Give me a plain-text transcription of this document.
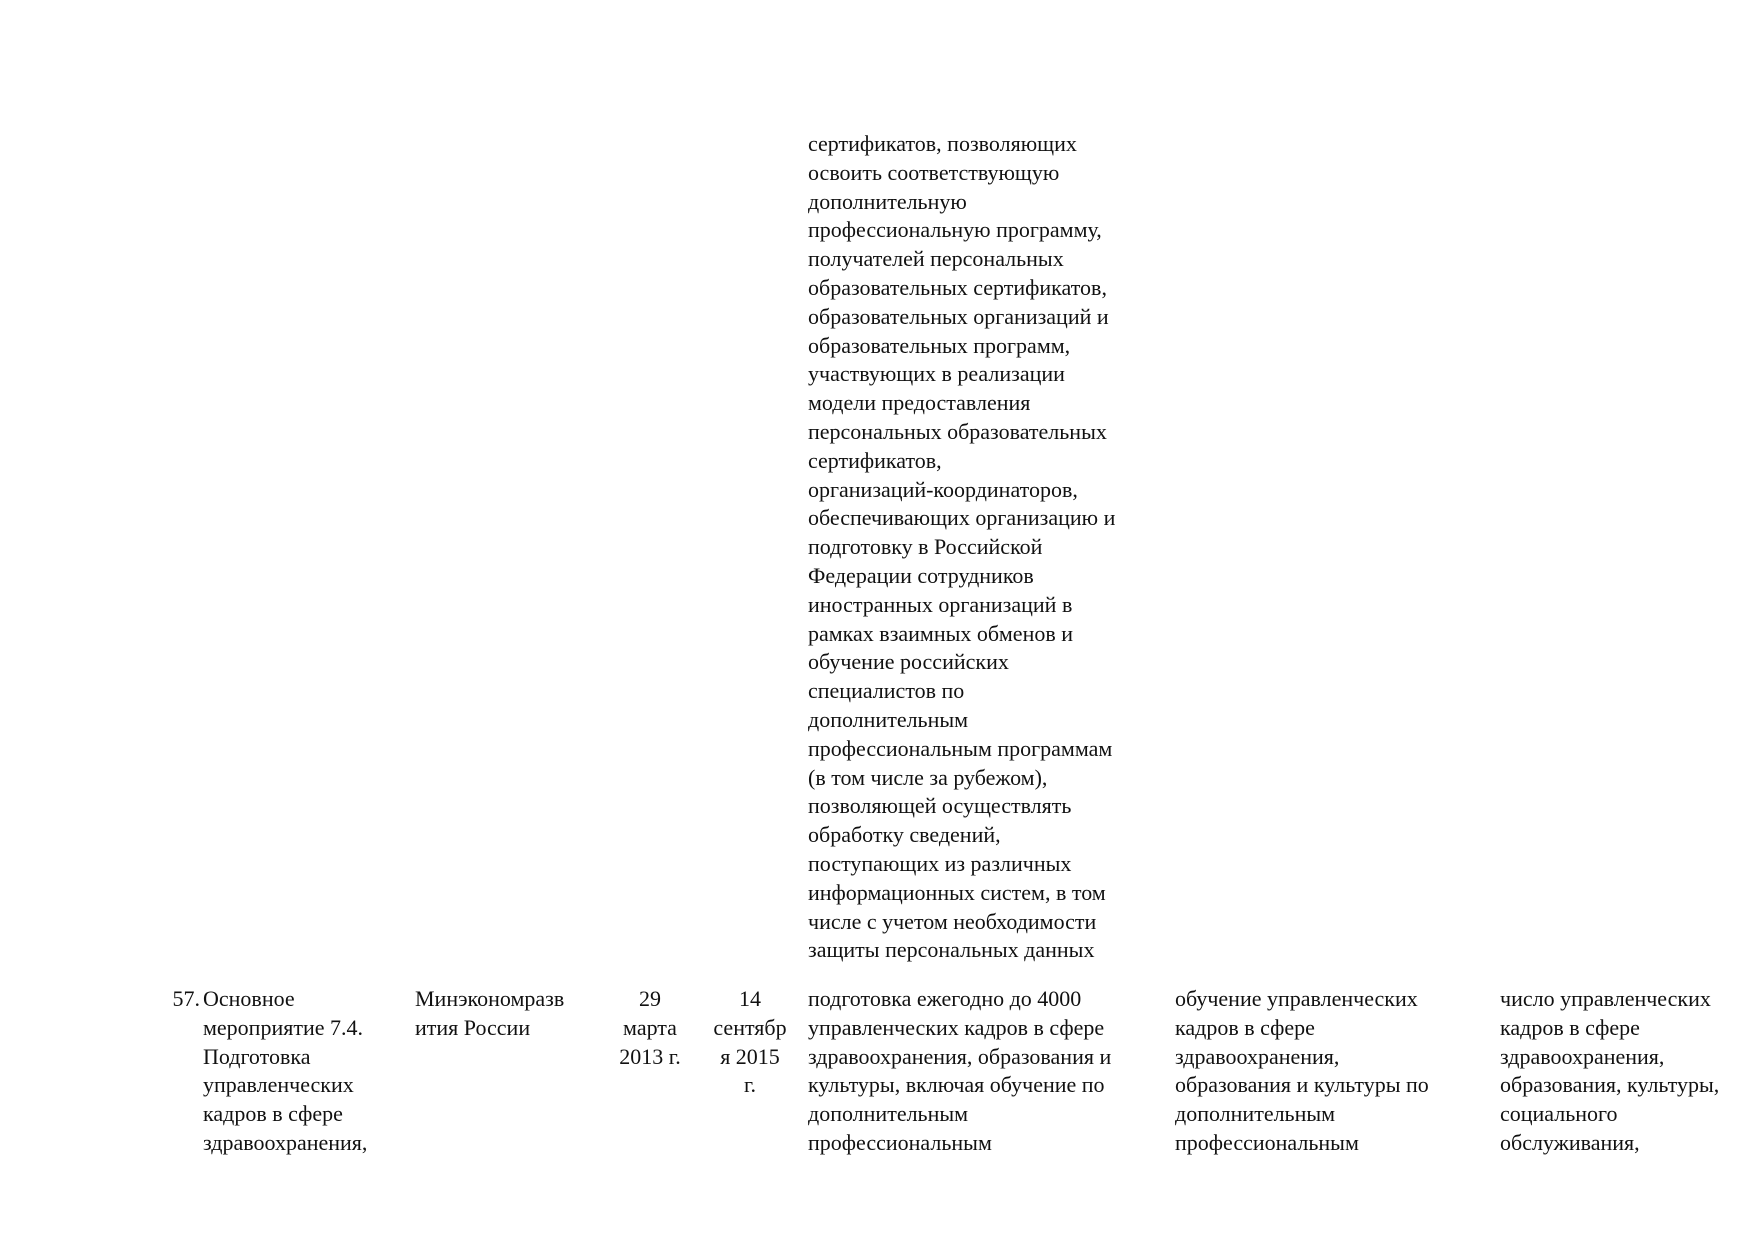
сертификатов, позволяющих
освоить соответствующую
дополнительную
профессиональную программу,
получателей персональных
образовательных сертификатов,
образовательных организаций и
образовательных программ,
участвующих в реализации
модели предоставления
персональных образовательных
сертификатов,
организаций-координаторов,
обеспечивающих организацию и
подготовку в Российской
Федерации сотрудников
иностранных организаций в
рамках взаимных обменов и
обучение российских
специалистов по
дополнительным
профессиональным программам
(в том числе за рубежом),
позволяющей осуществлять
обработку сведений,
поступающих из различных
информационных систем, в том
числе с учетом необходимости
защиты персональных данных
57. Основное
мероприятие 7.4.
Подготовка
управленческих
кадров в сфере
здравоохранения,
Минэкономразв
ития России
29
марта
2013 г.
14
сентябр
я 2015
г.
подготовка ежегодно до 4000
управленческих кадров в сфере
здравоохранения, образования и
культуры, включая обучение по
дополнительным
профессиональным
обучение управленческих
кадров в сфере
здравоохранения,
образования и культуры по
дополнительным
профессиональным
число управленческих
кадров в сфере
здравоохранения,
образования, культуры,
социального
обслуживания,
